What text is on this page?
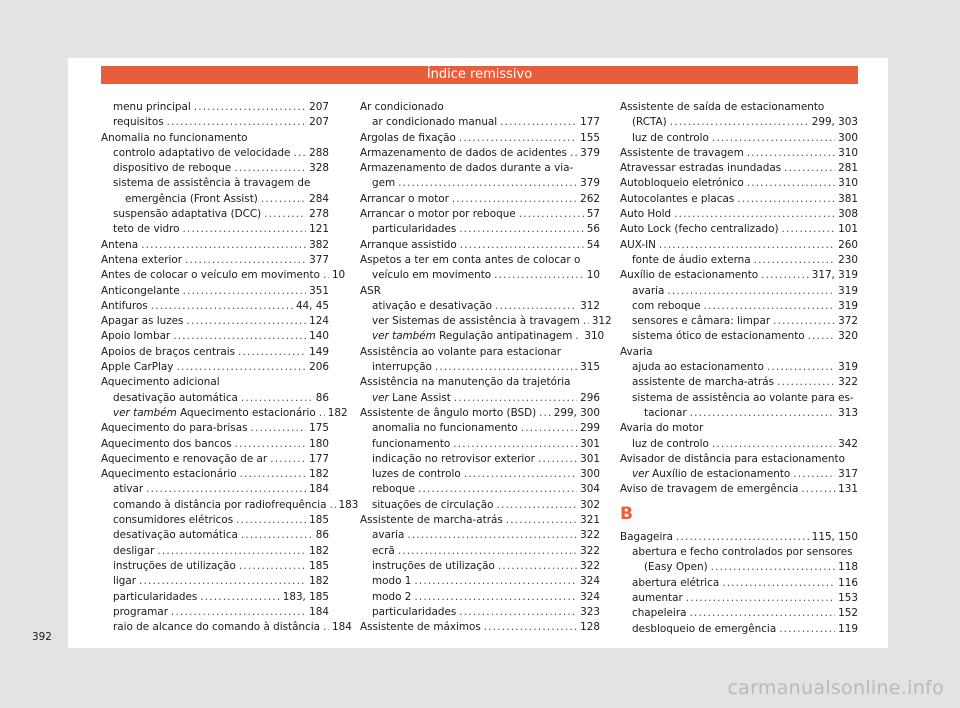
Índice remissivo
menu principal .....	207
requisitos .....	207
Anomalia no funcionamento
controlo adaptativo de velocidade ..... 288
dispositivo de reboque .....	328
sistema de assistência à travagem de
emergência (Front Assist) .....	284
suspensão adaptativa (DCC) .....	278
teto de vidro .....	121
Antena .....	382
Antena exterior .....	377
Antes de colocar o veículo em movimento ..... 10
Anticongelante .....	351
Antifuros .....	44, 45
Apagar as luzes .....	124
Apoio lombar .....	140
Apoios de braços centrais .....	149
Apple CarPlay .....	206
Aquecimento adicional
desativação automática .....	86
ver também Aquecimento estacionário ..... 182
Aquecimento do para-brisas .....	175
Aquecimento dos bancos .....	180
Aquecimento e renovação de ar .....	177
Aquecimento estacionário .....	182
ativar .....	184
comando à distância por radiofrequência ..... 183
consumidores elétricos .....	185
desativação automática .....	86
desligar .....	182
instruções de utilização .....	185
ligar .....	182
particularidades .....	183, 185
programar .....	184
raio de alcance do comando à distância ..... 184
Ar condicionado
ar condicionado manual .....	177
Argolas de fixação .....	155
Armazenamento de dados de acidentes ..... 379
Armazenamento de dados durante a via-
gem .....	379
Arrancar o motor .....	262
Arrancar o motor por reboque .....	57
particularidades .....	56
Arranque assistido .....	54
Aspetos a ter em conta antes de colocar o
veículo em movimento .....	10
ASR
ativação e desativação .....	312
ver Sistemas de assistência à travagem ..... 312
ver também Regulação antipatinagem ..... 310
Assistência ao volante para estacionar
interrupção .....	315
Assistência na manutenção da trajetória
ver Lane Assist .....	296
Assistente de ângulo morto (BSD) ..... 299, 300
anomalia no funcionamento .....	299
funcionamento .....	301
indicação no retrovisor exterior .....	301
luzes de controlo .....	300
reboque .....	304
situações de circulação .....	302
Assistente de marcha-atrás .....	321
avaria .....	322
ecrã .....	322
instruções de utilização .....	322
modo 1 .....	324
modo 2 .....	324
particularidades .....	323
Assistente de máximos .....	128
Assistente de saída de estacionamento
(RCTA) .....	299, 303
luz de controlo .....	300
Assistente de travagem .....	310
Atravessar estradas inundadas .....	281
Autobloqueio eletrónico .....	310
Autocolantes e placas .....	381
Auto Hold .....	308
Auto Lock (fecho centralizado) .....	101
AUX-IN .....	260
fonte de áudio externa .....	230
Auxílio de estacionamento .....	317, 319
avaria .....	319
com reboque .....	319
sensores e câmara: limpar .....	372
sistema ótico de estacionamento .....	320
Avaria
ajuda ao estacionamento .....	319
assistente de marcha-atrás .....	322
sistema de assistência ao volante para es-
tacionar .....	313
Avaria do motor
luz de controlo .....	342
Avisador de distância para estacionamento
ver Auxílio de estacionamento .....	317
Aviso de travagem de emergência .....	131
B
Bagageira .....	115, 150
abertura e fecho controlados por sensores
(Easy Open) .....	118
abertura elétrica .....	116
aumentar .....	153
chapeleira .....	152
desbloqueio de emergência .....	119
392
carmanualsonline.info
